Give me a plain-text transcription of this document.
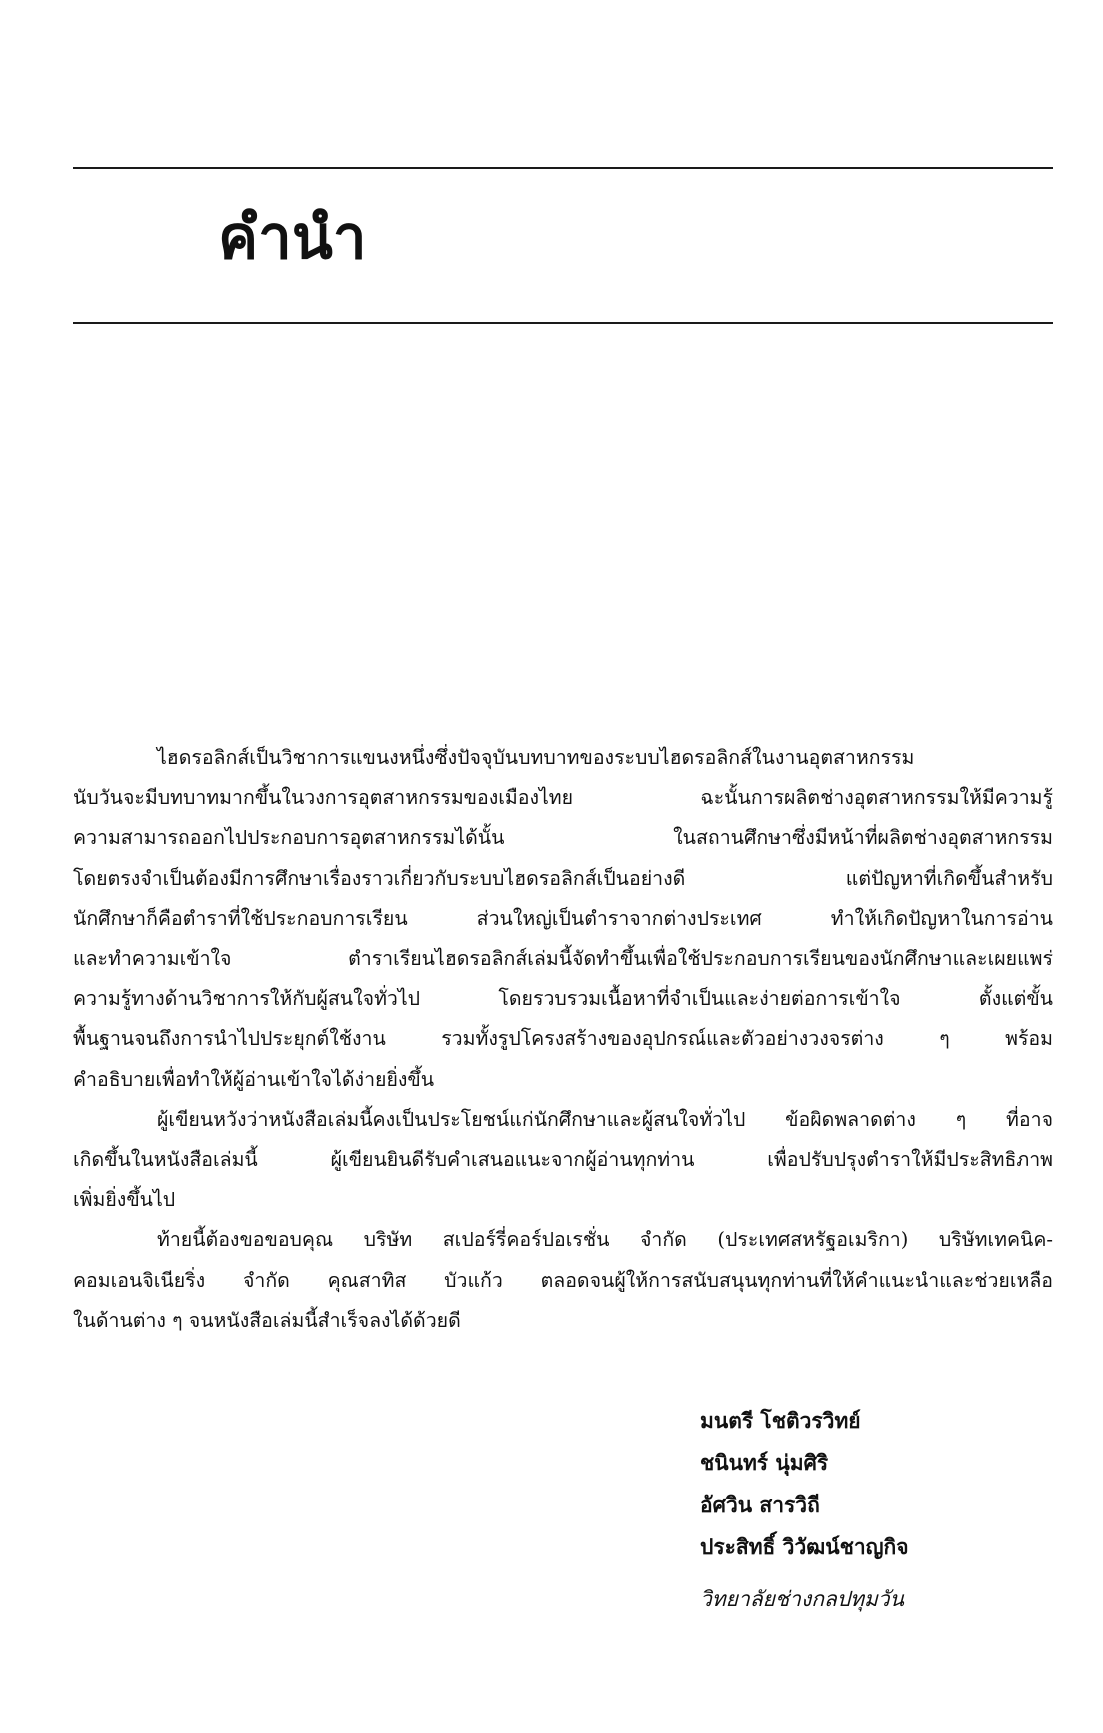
คำนำ

ไฮดรอลิกส์เป็นวิชาการแขนงหนึ่งซึ่งปัจจุบันบทบาทของระบบไฮดรอลิกส์ในงานอุตสาหกรรม
นับวันจะมีบทบาทมากขึ้นในวงการอุตสาหกรรมของเมืองไทย ฉะนั้นการผลิตช่างอุตสาหกรรมให้มีความรู้
ความสามารถออกไปประกอบการอุตสาหกรรมได้นั้น ในสถานศึกษาซึ่งมีหน้าที่ผลิตช่างอุตสาหกรรม
โดยตรงจำเป็นต้องมีการศึกษาเรื่องราวเกี่ยวกับระบบไฮดรอลิกส์เป็นอย่างดี แต่ปัญหาที่เกิดขึ้นสำหรับ
นักศึกษาก็คือตำราที่ใช้ประกอบการเรียน ส่วนใหญ่เป็นตำราจากต่างประเทศ ทำให้เกิดปัญหาในการอ่าน
และทำความเข้าใจ ตำราเรียนไฮดรอลิกส์เล่มนี้จัดทำขึ้นเพื่อใช้ประกอบการเรียนของนักศึกษาและเผยแพร่
ความรู้ทางด้านวิชาการให้กับผู้สนใจทั่วไป โดยรวบรวมเนื้อหาที่จำเป็นและง่ายต่อการเข้าใจ ตั้งแต่ขั้น
พื้นฐานจนถึงการนำไปประยุกต์ใช้งาน รวมทั้งรูปโครงสร้างของอุปกรณ์และตัวอย่างวงจรต่าง ๆ พร้อม
คำอธิบายเพื่อทำให้ผู้อ่านเข้าใจได้ง่ายยิ่งขึ้น

ผู้เขียนหวังว่าหนังสือเล่มนี้คงเป็นประโยชน์แก่นักศึกษาและผู้สนใจทั่วไป ข้อผิดพลาดต่าง ๆ ที่อาจ
เกิดขึ้นในหนังสือเล่มนี้ ผู้เขียนยินดีรับคำเสนอแนะจากผู้อ่านทุกท่าน เพื่อปรับปรุงตำราให้มีประสิทธิภาพ
เพิ่มยิ่งขึ้นไป

ท้ายนี้ต้องขอขอบคุณ บริษัท สเปอร์รี่คอร์ปอเรชั่น จำกัด (ประเทศสหรัฐอเมริกา) บริษัทเทคนิค-
คอมเอนจิเนียริ่ง จำกัด คุณสาทิส บัวแก้ว ตลอดจนผู้ให้การสนับสนุนทุกท่านที่ให้คำแนะนำและช่วยเหลือ
ในด้านต่าง ๆ จนหนังสือเล่มนี้สำเร็จลงได้ด้วยดี

มนตรี โชติวรวิทย์

ชนินทร์ นุ่มศิริ

อัศวิน สารวิถี

ประสิทธิ์ วิวัฒน์ชาญกิจ

วิทยาลัยช่างกลปทุมวัน
